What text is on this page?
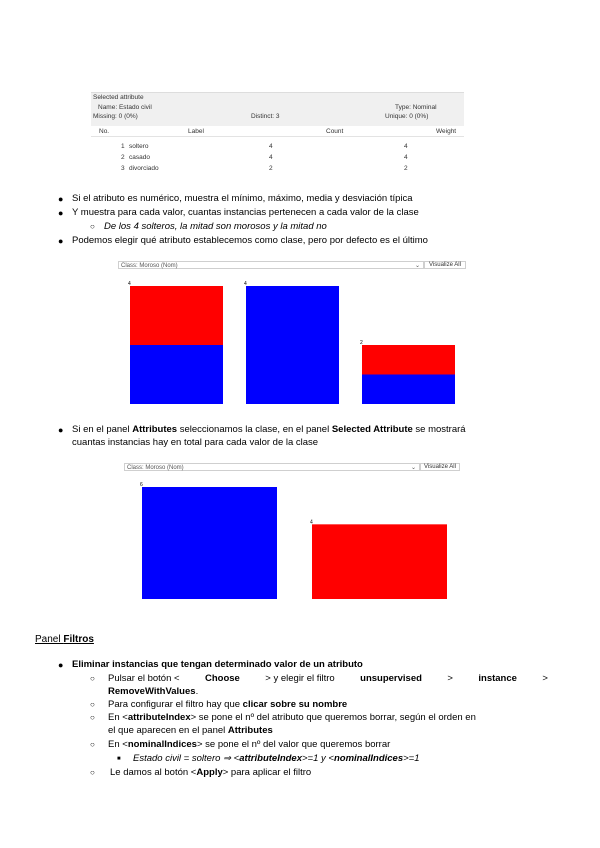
Selected attribute
Name: Estado civil
Missing: 0 (0%)	Distinct: 3
Type: Nominal
Unique: 0 (0%)
No.	Label	Count	Weight
1 soltero	4	4
2 casado	4	4
3 divorciado	2	2
● Si el atributo es numérico, muestra el mínimo, máximo, media y desviación típica
● Y muestra para cada valor, cuantas instancias pertenecen a cada valor de la clase
○ De los 4 solteros, la mitad son morosos y la mitad no
● Podemos elegir qué atributo establecemos como clase, pero por defecto es el último
Class: Moroso (Nom)	⌄	Visualize All
4	4
2
● Si en el panel Attributes seleccionamos la clase, en el panel Selected Attribute se mostrará
cuantas instancias hay en total para cada valor de la clase
Class: Moroso (Nom)	⌄	Visualize All
6
4
Panel Filtros
● Eliminar instancias que tengan determinado valor de un atributo
○ Pulsar el botón <	Choose	> y elegir el filtro	unsupervised	>	instance	>
RemoveWithValues.
○ Para configurar el filtro hay que clicar sobre su nombre
○ En <attributeIndex> se pone el nº del atributo que queremos borrar, según el orden en
el que aparecen en el panel Attributes
○ En <nominalIndices> se pone el nº del valor que queremos borrar
■ Estado civil = soltero ⇒ <attributeIndex>=1 y <nominalIndices>=1
○ Le damos al botón <Apply> para aplicar el filtro
